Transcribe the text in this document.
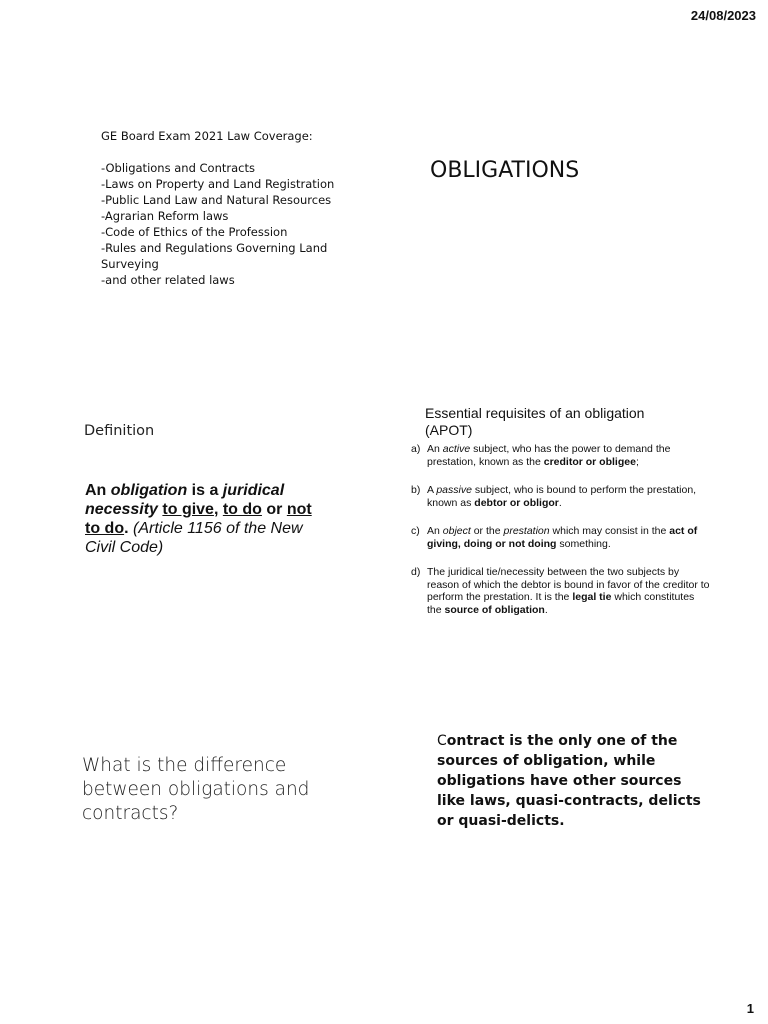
24/08/2023
GE Board Exam 2021 Law Coverage:
-Obligations and Contracts
-Laws on Property and Land Registration
-Public Land Law and Natural Resources
-Agrarian Reform laws
-Code of Ethics of the Profession
-Rules and Regulations Governing Land Surveying
-and other related laws
OBLIGATIONS
Definition
An obligation is a juridical necessity to give, to do or not to do. (Article 1156 of the New Civil Code)
Essential requisites of an obligation (APOT)
a) An active subject, who has the power to demand the prestation, known as the creditor or obligee;
b) A passive subject, who is bound to perform the prestation, known as debtor or obligor.
c) An object or the prestation which may consist in the act of giving, doing or not doing something.
d) The juridical tie/necessity between the two subjects by reason of which the debtor is bound in favor of the creditor to perform the prestation. It is the legal tie which constitutes the source of obligation.
What is the difference between obligations and contracts?
Contract is the only one of the sources of obligation, while obligations have other sources like laws, quasi-contracts, delicts or quasi-delicts.
1
